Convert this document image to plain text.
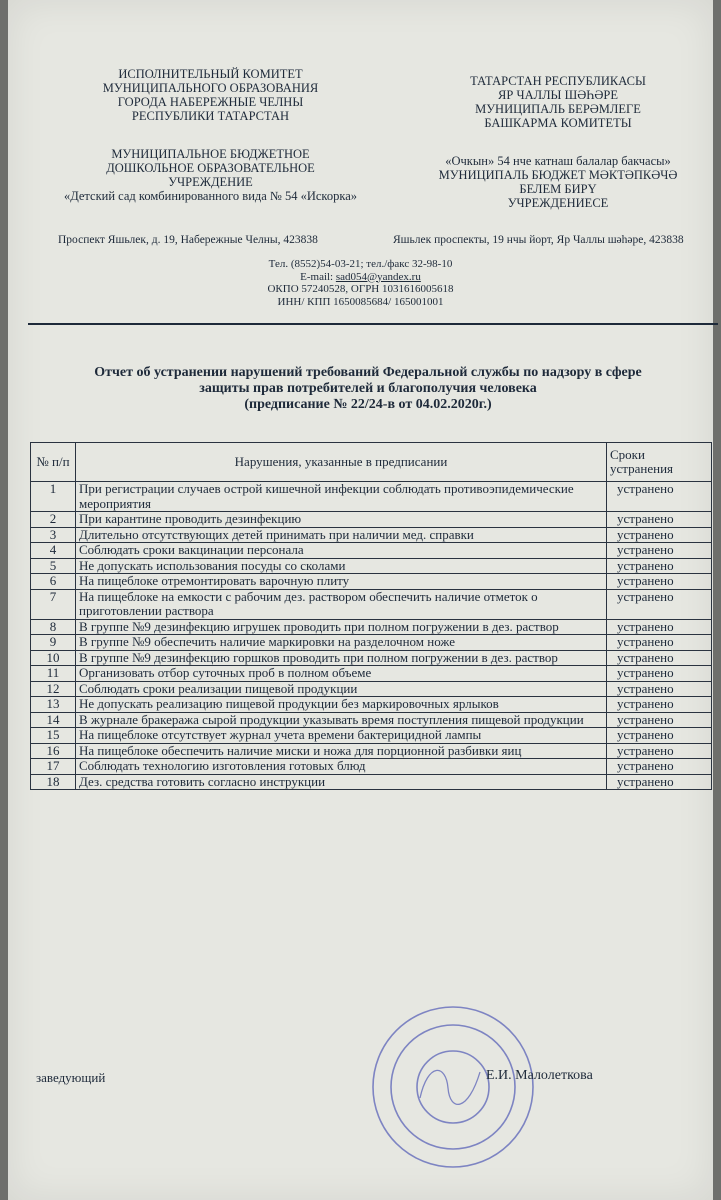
ИСПОЛНИТЕЛЬНЫЙ КОМИТЕТ
МУНИЦИПАЛЬНОГО ОБРАЗОВАНИЯ
ГОРОДА НАБЕРЕЖНЫЕ ЧЕЛНЫ
РЕСПУБЛИКИ ТАТАРСТАН
МУНИЦИПАЛЬНОЕ БЮДЖЕТНОЕ
ДОШКОЛЬНОЕ ОБРАЗОВАТЕЛЬНОЕ
УЧРЕЖДЕНИЕ
«Детский сад комбинированного вида № 54 «Искорка»
ТАТАРСТАН РЕСПУБЛИКАСЫ
ЯР ЧАЛЛЫ ШӘҺӘРЕ
МУНИЦИПАЛЬ БЕРӘМЛЕГЕ
БАШКАРМА КОМИТЕТЫ
«Очкын» 54 нче катнаш балалар бакчасы»
МУНИЦИПАЛЬ БЮДЖЕТ МӘКТӘПКӘЧӘ
БЕЛЕМ БИРҮ
УЧРЕЖДЕНИЕСЕ
Проспект Яшьлек, д. 19, Набережные Челны, 423838	Яшьлек проспекты, 19 нчы йорт, Яр Чаллы шәһәре, 423838
Тел. (8552)54-03-21; тел./факс 32-98-10
E-mail: sad054@yandex.ru
ОКПО 57240528, ОГРН 1031616005618
ИНН/ КПП 1650085684/ 165001001
Отчет об устранении нарушений требований Федеральной службы по надзору в сфере
защиты прав потребителей и благополучия человека
(предписание № 22/24-в от 04.02.2020г.)
№ п/п	Нарушения, указанные в предписании	Сроки устранения
1	При регистрации случаев острой кишечной инфекции соблюдать противоэпидемические мероприятия	устранено
2	При карантине проводить дезинфекцию	устранено
3	Длительно отсутствующих детей принимать при наличии мед. справки	устранено
4	Соблюдать сроки вакцинации персонала	устранено
5	Не допускать использования посуды со сколами	устранено
6	На пищеблоке отремонтировать варочную плиту	устранено
7	На пищеблоке на емкости с рабочим дез. раствором обеспечить наличие отметок о приготовлении раствора	устранено
8	В группе №9 дезинфекцию игрушек проводить при полном погружении в дез. раствор	устранено
9	В группе №9 обеспечить наличие маркировки на разделочном ноже	устранено
10	В группе №9 дезинфекцию горшков проводить при полном погружении в дез. раствор	устранено
11	Организовать отбор суточных проб в полном объеме	устранено
12	Соблюдать сроки реализации пищевой продукции	устранено
13	Не допускать реализацию пищевой продукции без маркировочных ярлыков	устранено
14	В журнале бракеража сырой продукции указывать время поступления пищевой продукции	устранено
15	На пищеблоке отсутствует журнал учета времени бактерицидной лампы	устранено
16	На пищеблоке обеспечить наличие миски и ножа для порционной разбивки яиц	устранено
17	Соблюдать технологию изготовления готовых блюд	устранено
18	Дез. средства готовить согласно инструкции	устранено
заведующий	Е.И. Малолеткова
